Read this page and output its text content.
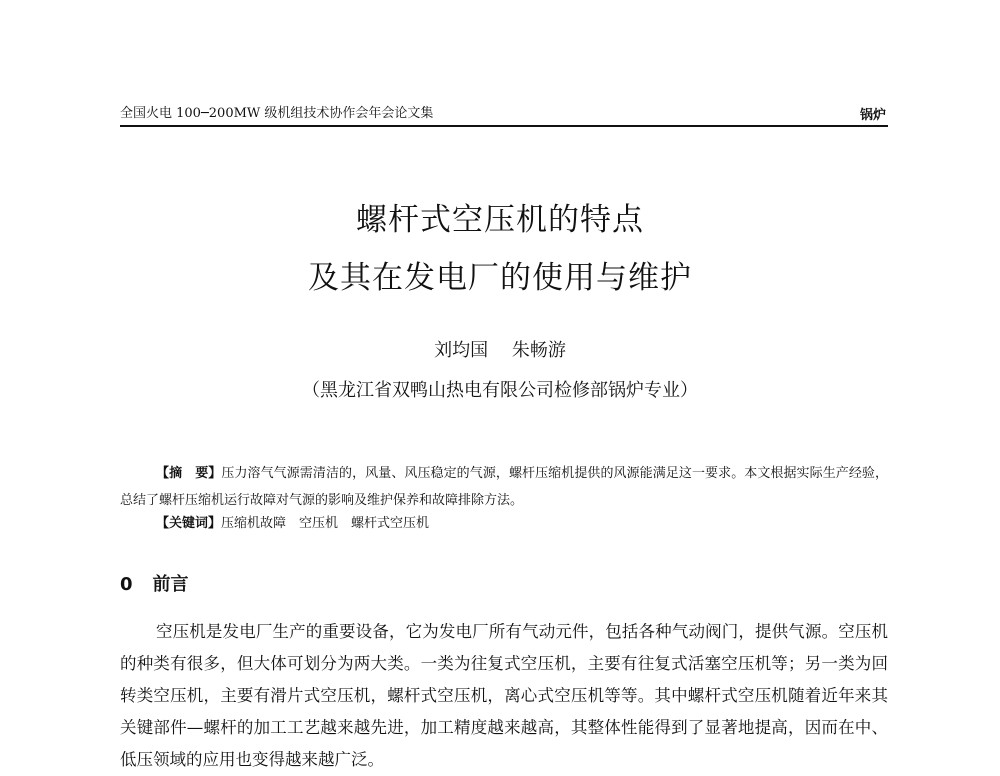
全国火电 100─200MW 级机组技术协作会年会论文集	锅炉
螺杆式空压机的特点
及其在发电厂的使用与维护
刘均国 朱畅游
（黑龙江省双鸭山热电有限公司检修部锅炉专业）
【摘　要】压力溶气气源需清洁的，风量、风压稳定的气源，螺杆压缩机提供的风源能满足这一要求。本文根据实际生产经验，总结了螺杆压缩机运行故障对气源的影响及维护保养和故障排除方法。
【关键词】压缩机故障　空压机　螺杆式空压机
0 前言

空压机是发电厂生产的重要设备，它为发电厂所有气动元件，包括各种气动阀门，提供气源。空压机的种类有很多，但大体可划分为两大类。一类为往复式空压机，主要有往复式活塞空压机等；另一类为回转类空压机，主要有滑片式空压机，螺杆式空压机，离心式空压机等等。其中螺杆式空压机随着近年来其关键部件—螺杆的加工工艺越来越先进，加工精度越来越高，其整体性能得到了显著地提高，因而在中、低压领域的应用也变得越来越广泛。
